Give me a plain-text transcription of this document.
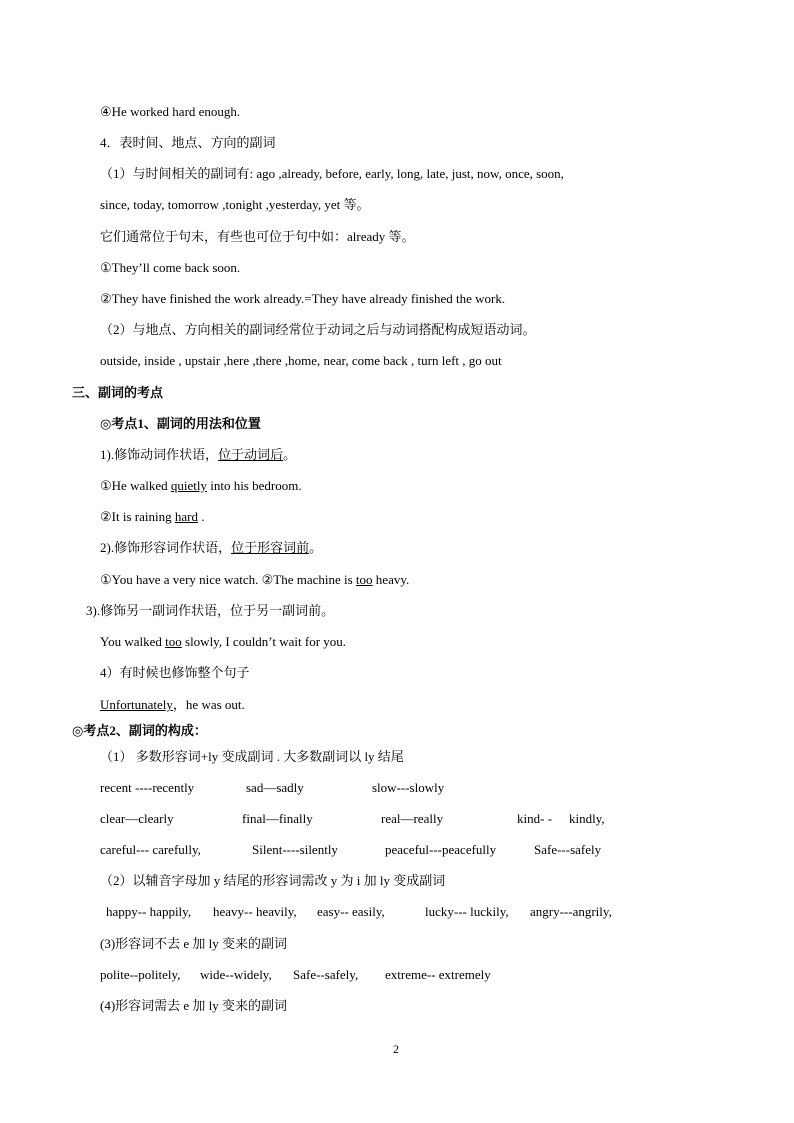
④He worked hard enough.
4．表时间、地点、方向的副词
（1）与时间相关的副词有: ago ,already, before, early, long, late, just, now, once, soon,
since, today, tomorrow ,tonight ,yesterday, yet 等。
它们通常位于句末，有些也可位于句中如：already 等。
①They’ll come back soon.
②They have finished the work already.=They have already finished the work.
（2）与地点、方向相关的副词经常位于动词之后与动词搭配构成短语动词。
outside, inside , upstair ,here ,there ,home, near, come back , turn left , go out
三、副词的考点
◎考点1、副词的用法和位置
1).修饰动词作状语，位于动词后。
①He walked quietly into his bedroom.
②It is raining hard .
2).修饰形容词作状语，位于形容词前。
①You have a very nice watch. ②The machine is too heavy.
3).修饰另一副词作状语，位于另一副词前。
You walked too slowly, I couldn’t wait for you.
4）有时候也修饰整个句子
Unfortunately，he was out.
◎考点2、副词的构成：
（1） 多数形容词+ly 变成副词 . 大多数副词以 ly 结尾
recent ----recently	sad—sadly	slow---slowly
clear—clearly	final—finally	real—really	kind- - kindly,
careful--- carefully,	Silent----silently	peaceful---peacefully	Safe---safely
（2）以辅音字母加 y 结尾的形容词需改 y 为 i 加 ly 变成副词
happy-- happily, heavy-- heavily, easy-- easily,	lucky--- luckily, angry---angrily,
(3)形容词不去 e 加 ly 变来的副词
polite--politely, wide--widely, Safe--safely, extreme-- extremely
(4)形容词需去 e 加 ly 变来的副词
2
